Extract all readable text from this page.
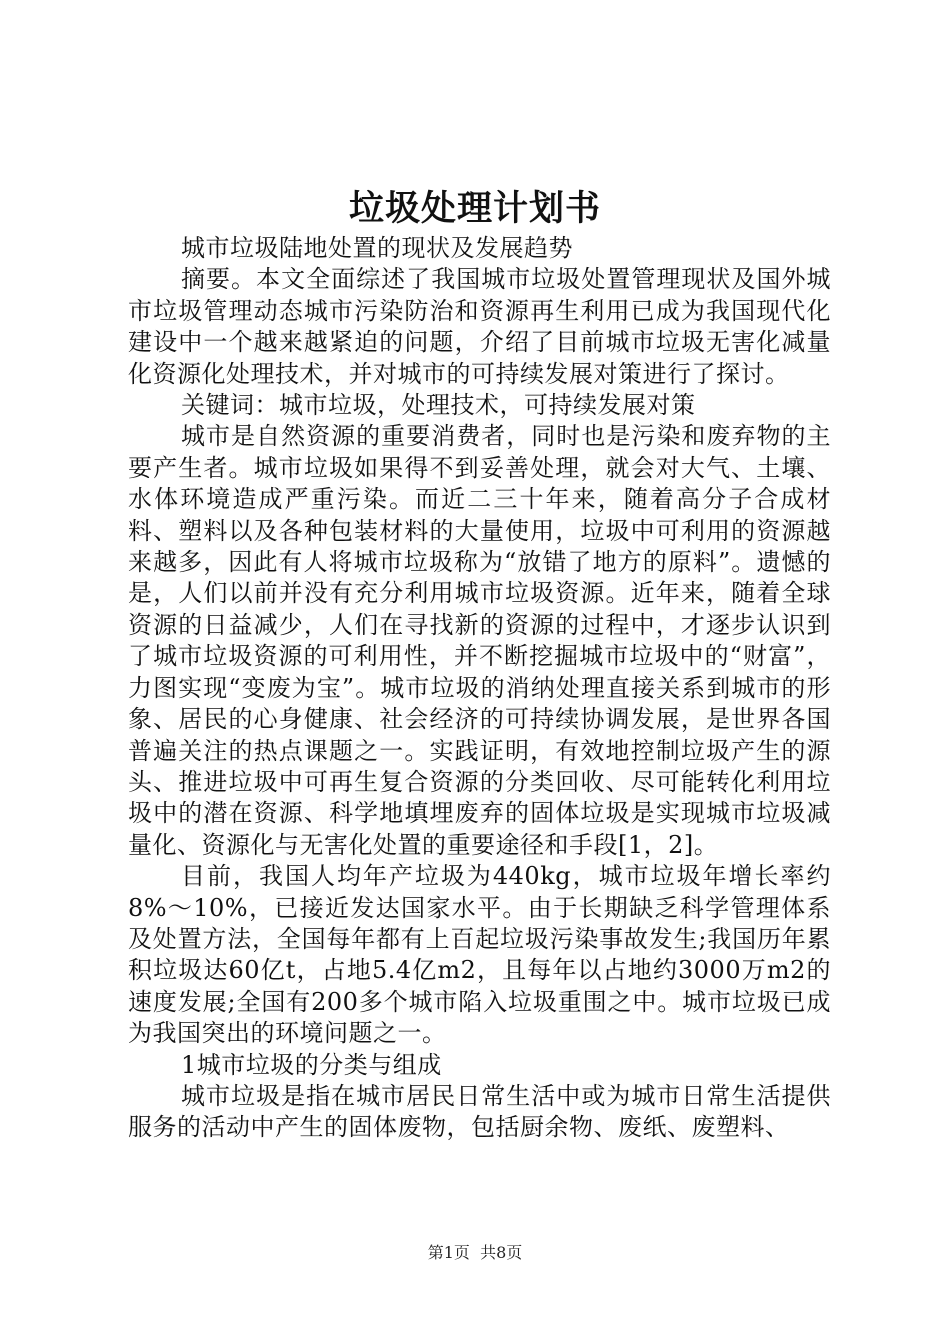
垃圾处理计划书

城市垃圾陆地处置的现状及发展趋势

摘要。本文全面综述了我国城市垃圾处置管理现状及国外城市垃圾管理动态城市污染防治和资源再生利用已成为我国现代化建设中一个越来越紧迫的问题，介绍了目前城市垃圾无害化减量化资源化处理技术，并对城市的可持续发展对策进行了探讨。

关键词：城市垃圾，处理技术，可持续发展对策

城市是自然资源的重要消费者，同时也是污染和废弃物的主要产生者。城市垃圾如果得不到妥善处理，就会对大气、土壤、水体环境造成严重污染。而近二三十年来，随着高分子合成材料、塑料以及各种包装材料的大量使用，垃圾中可利用的资源越来越多，因此有人将城市垃圾称为“放错了地方的原料”。遗憾的是，人们以前并没有充分利用城市垃圾资源。近年来，随着全球资源的日益减少，人们在寻找新的资源的过程中，才逐步认识到了城市垃圾资源的可利用性，并不断挖掘城市垃圾中的“财富”，力图实现“变废为宝”。城市垃圾的消纳处理直接关系到城市的形象、居民的心身健康、社会经济的可持续协调发展，是世界各国普遍关注的热点课题之一。实践证明，有效地控制垃圾产生的源头、推进垃圾中可再生复合资源的分类回收、尽可能转化利用垃圾中的潜在资源、科学地填埋废弃的固体垃圾是实现城市垃圾减量化、资源化与无害化处置的重要途径和手段[1，2]。

目前，我国人均年产垃圾为440kg，城市垃圾年增长率约8%～10%，已接近发达国家水平。由于长期缺乏科学管理体系及处置方法，全国每年都有上百起垃圾污染事故发生;我国历年累积垃圾达60亿t，占地5.4亿m2，且每年以占地约3000万m2的速度发展;全国有200多个城市陷入垃圾重围之中。城市垃圾已成为我国突出的环境问题之一。

1城市垃圾的分类与组成

城市垃圾是指在城市居民日常生活中或为城市日常生活提供服务的活动中产生的固体废物，包括厨余物、废纸、废塑料、

第1页  共8页
